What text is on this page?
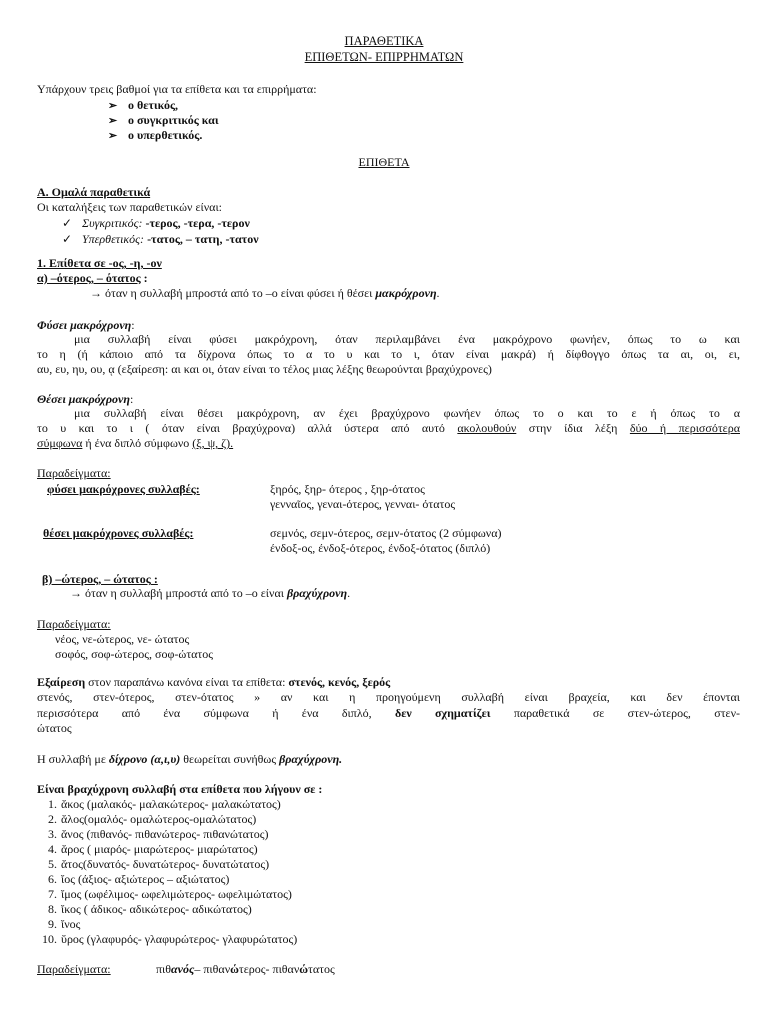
ΠΑΡΑΘΕΤΙΚΑ
ΕΠΙΘΕΤΩΝ- ΕΠΙΡΡΗΜΑΤΩΝ
Υπάρχουν τρεις βαθμοί για τα επίθετα και τα επιρρήματα:
➢ ο θετικός,
➢ ο συγκριτικός και
➢ ο υπερθετικός.
ΕΠΙΘΕΤΑ
Α. Ομαλά παραθετικά
Οι καταλήξεις των παραθετικών είναι:
✓ Συγκριτικός: -τερος, -τερα, -τερον
✓ Υπερθετικός: -τατος, – τατη, -τατον
1. Επίθετα σε -ος, -η, -ον
α) –ότερος, – ότατος :
→ όταν η συλλαβή μπροστά από το –ο είναι φύσει ή θέσει μακρόχρονη.
Φύσει μακρόχρονη:
μια συλλαβή είναι φύσει μακρόχρονη, όταν περιλαμβάνει ένα μακρόχρονο φωνήεν, όπως το ω και
το η (ή κάποιο από τα δίχρονα όπως το α το υ και το ι, όταν είναι μακρά) ή δίφθογγο όπως τα αι, οι, ει,
αυ, ευ, ηυ, ου, ᾳ (εξαίρεση: αι και οι, όταν είναι το τέλος μιας λέξης θεωρούνται βραχύχρονες)
Θέσει μακρόχρονη:
μια συλλαβή είναι θέσει μακρόχρονη, αν έχει βραχύχρονο φωνήεν όπως το ο και το ε ή όπως το α
το υ και το ι ( όταν είναι βραχύχρονα) αλλά ύστερα από αυτό ακολουθούν στην ίδια λέξη δύο ή περισσότερα
σύμφωνα ή ένα διπλό σύμφωνο (ξ, ψ, ζ).
Παραδείγματα:
φύσει μακρόχρονες συλλαβές:	ξηρός, ξηρ- ότερος , ξηρ-ότατος
γενναῖος, γεναι-ότερος, γενναι- ότατος
θέσει μακρόχρονες συλλαβές:	σεμνός, σεμν-ότερος, σεμν-ότατος (2 σύμφωνα)
ένδοξ-ος, ένδοξ-ότερος, ένδοξ-ότατος (διπλό)
β) –ώτερος, – ώτατος :
→ όταν η συλλαβή μπροστά από το –ο είναι βραχύχρονη.
Παραδείγματα:
νέος, νε-ώτερος, νε- ώτατος
σοφός, σοφ-ώτερος, σοφ-ώτατος
Εξαίρεση στον παραπάνω κανόνα είναι τα επίθετα: στενός, κενός, ξερός
στενός, στεν-ότερος, στεν-ότατος » αν και η προηγούμενη συλλαβή είναι βραχεία, και δεν έπονται
περισσότερα από ένα σύμφωνα ή ένα διπλό, δεν σχηματίζει παραθετικά σε στεν-ώτερος, στεν-
ώτατος
Η συλλαβή με δίχρονο (α,ι,υ) θεωρείται συνήθως βραχύχρονη.
Είναι βραχύχρονη συλλαβή στα επίθετα που λήγουν σε :
1. ᾰκος (μαλακός- μαλακώτερος- μαλακώτατος)
2. ᾰλος(ομαλός- ομαλώτερος-ομαλώτατος)
3. ᾰνος (πιθανός- πιθανώτερος- πιθανώτατος)
4. ᾰρος ( μιαρός- μιαρώτερος- μιαρώτατος)
5. ᾰτος(δυνατός- δυνατώτερος- δυνατώτατος)
6. ῐος (άξιος- αξιώτερος – αξιώτατος)
7. ῐμος (ωφέλιμος- ωφελιμώτερος- ωφελιμώτατος)
8. ῐκος ( άδικος- αδικώτερος- αδικώτατος)
9. ῐνος
10. ῠρος (γλαφυρός- γλαφυρώτερος- γλαφυρώτατος)
Παραδείγματα:	πιθανός– πιθανώτερος- πιθανώτατος
